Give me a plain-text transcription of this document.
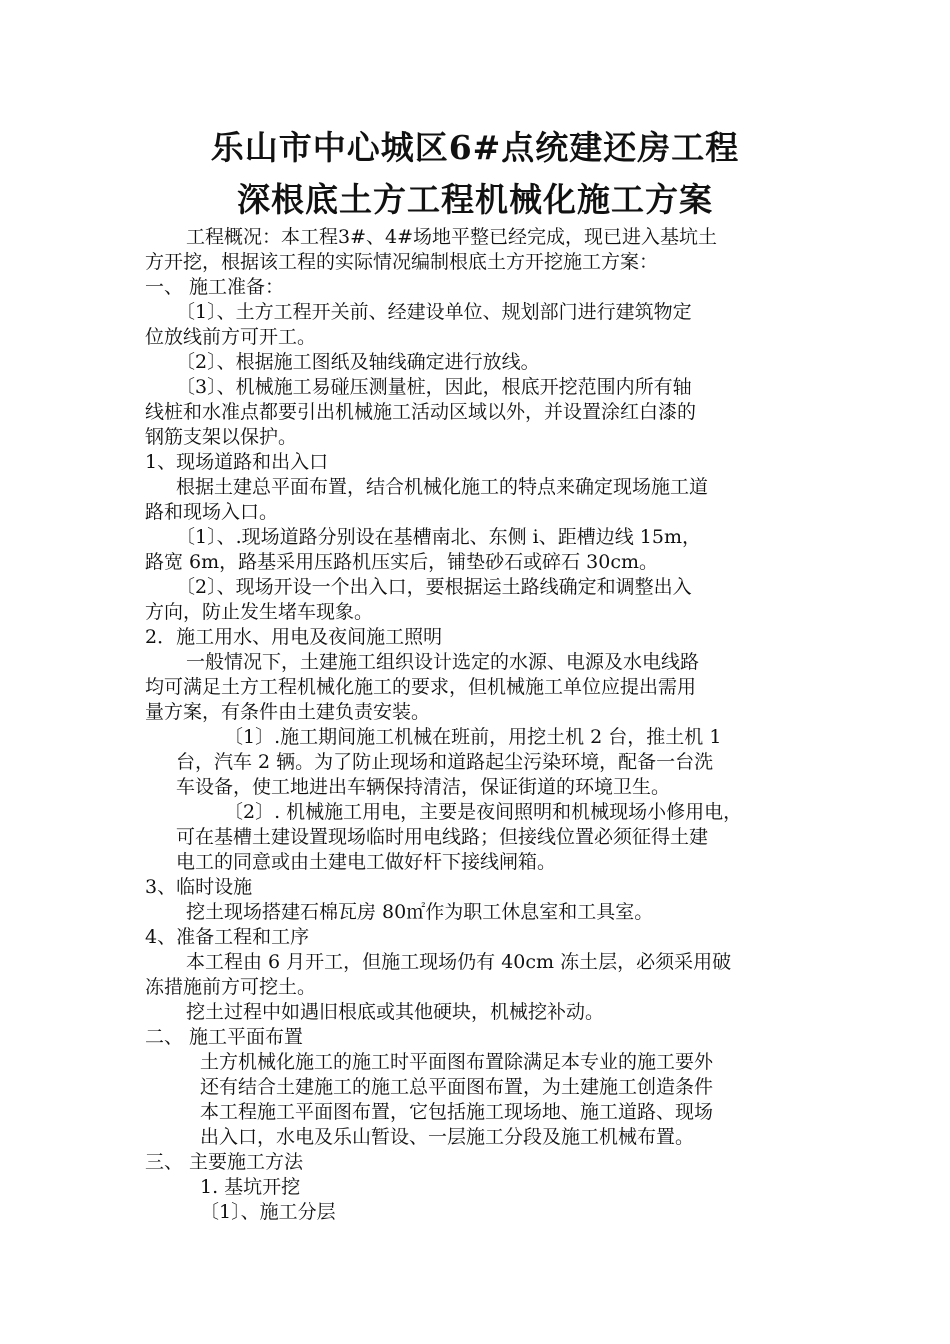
乐山市中心城区6#点统建还房工程
深根底土方工程机械化施工方案

工程概况：本工程3#、4#场地平整已经完成，现已进入基坑土

方开挖，根据该工程的实际情况编制根底土方开挖施工方案：

一、 施工准备：

〔1〕、土方工程开关前、经建设单位、规划部门进行建筑物定

位放线前方可开工。

〔2〕、根据施工图纸及轴线确定进行放线。

〔3〕、机械施工易碰压测量桩，因此，根底开挖范围内所有轴

线桩和水准点都要引出机械施工活动区域以外，并设置涂红白漆的

钢筋支架以保护。

1、现场道路和出入口

根据土建总平面布置，结合机械化施工的特点来确定现场施工道

路和现场入口。

〔1〕、.现场道路分别设在基槽南北、东侧 i、距槽边线 15m，

路宽 6m，路基采用压路机压实后，铺垫砂石或碎石 30cm。

〔2〕、现场开设一个出入口，要根据运土路线确定和调整出入

方向，防止发生堵车现象。

2．施工用水、用电及夜间施工照明

一般情况下，土建施工组织设计选定的水源、电源及水电线路

均可满足土方工程机械化施工的要求，但机械施工单位应提出需用

量方案，有条件由土建负责安装。

〔1〕.施工期间施工机械在班前，用挖土机 2 台，推土机 1

台，汽车 2 辆。为了防止现场和道路起尘污染环境，配备一台洗

车设备，使工地进出车辆保持清洁，保证街道的环境卫生。

〔2〕. 机械施工用电，主要是夜间照明和机械现场小修用电，

可在基槽土建设置现场临时用电线路；但接线位置必须征得土建

电工的同意或由土建电工做好杆下接线闸箱。

3、临时设施

挖土现场搭建石棉瓦房 80㎡作为职工休息室和工具室。

4、准备工程和工序

本工程由 6 月开工，但施工现场仍有 40cm 冻土层，必须采用破

冻措施前方可挖土。

挖土过程中如遇旧根底或其他硬块，机械挖补动。

二、 施工平面布置

土方机械化施工的施工时平面图布置除满足本专业的施工要外

还有结合土建施工的施工总平面图布置，为土建施工创造条件

本工程施工平面图布置，它包括施工现场地、施工道路、现场

出入口，水电及乐山暂设、一层施工分段及施工机械布置。

三、 主要施工方法

1. 基坑开挖

〔1〕、施工分层
